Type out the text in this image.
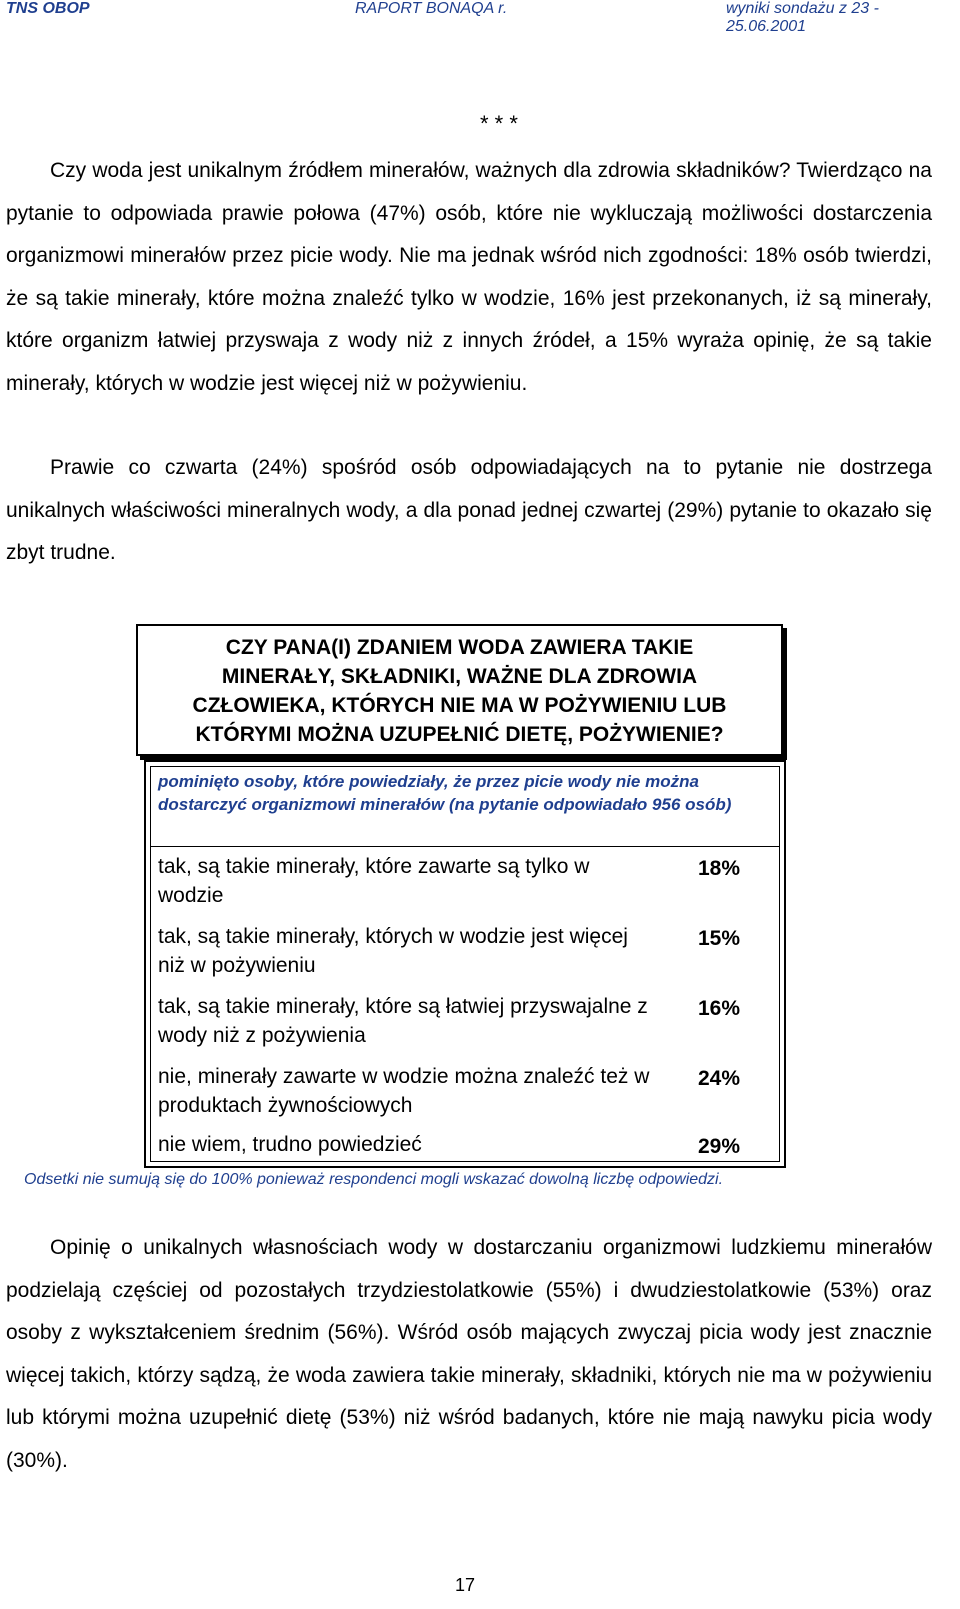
TNS OBOP	RAPORT BONAQA r.	wyniki sondażu z 23 - 25.06.2001
* * *

Czy woda jest unikalnym źródłem minerałów, ważnych dla zdrowia składników? Twierdząco na pytanie to odpowiada prawie połowa (47%) osób, które nie wykluczają możliwości dostarczenia organizmowi minerałów przez picie wody. Nie ma jednak wśród nich zgodności: 18% osób twierdzi, że są takie minerały, które można znaleźć tylko w wodzie, 16% jest przekonanych, iż są minerały, które organizm łatwiej przyswaja z wody niż z innych źródeł, a 15% wyraża opinię, że są takie minerały, których w wodzie jest więcej niż w pożywieniu.

Prawie co czwarta (24%) spośród osób odpowiadających na to pytanie nie dostrzega unikalnych właściwości mineralnych wody, a dla ponad jednej czwartej (29%) pytanie to okazało się zbyt trudne.

CZY PANA(I) ZDANIEM WODA ZAWIERA TAKIE
MINERAŁY, SKŁADNIKI, WAŻNE DLA ZDROWIA
CZŁOWIEKA, KTÓRYCH NIE MA W POŻYWIENIU LUB
KTÓRYMI MOŻNA UZUPEŁNIĆ DIETĘ, POŻYWIENIE?
pominięto osoby, które powiedziały, że przez picie wody nie można dostarczyć organizmowi minerałów (na pytanie odpowiadało 956 osób)
tak, są takie minerały, które zawarte są tylko w wodzie
18%
tak, są takie minerały, których w wodzie jest więcej niż w pożywieniu
15%
tak, są takie minerały, które są łatwiej przyswajalne z wody niż z pożywienia
16%
nie, minerały zawarte w wodzie można znaleźć też w produktach żywnościowych
24%
nie wiem, trudno powiedzieć	29%
Odsetki nie sumują się do 100% ponieważ respondenci mogli wskazać dowolną liczbę odpowiedzi.

Opinię o unikalnych własnościach wody w dostarczaniu organizmowi ludzkiemu minerałów podzielają częściej od pozostałych trzydziestolatkowie (55%) i dwudziestolatkowie (53%) oraz osoby z wykształceniem średnim (56%). Wśród osób mających zwyczaj picia wody jest znacznie więcej takich, którzy sądzą, że woda zawiera takie minerały, składniki, których nie ma w pożywieniu lub którymi można uzupełnić dietę (53%) niż wśród badanych, które nie mają nawyku picia wody (30%).

17
